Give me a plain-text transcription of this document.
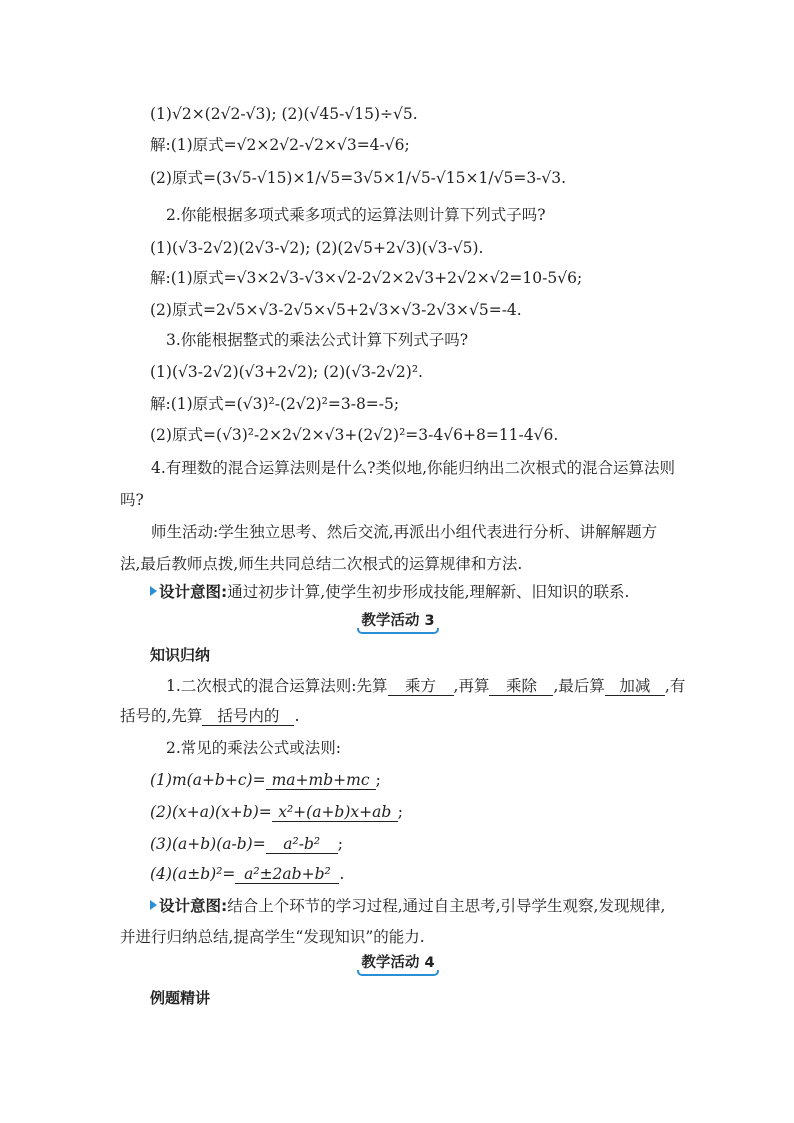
(1)√2×(2√2-√3); (2)(√45-√15)÷√5.
解:(1)原式=√2×2√2-√2×√3=4-√6;
(2)原式=(3√5-√15)×1/√5=3√5×1/√5-√15×1/√5=3-√3.
2.你能根据多项式乘多项式的运算法则计算下列式子吗?
(1)(√3-2√2)(2√3-√2); (2)(2√5+2√3)(√3-√5).
解:(1)原式=√3×2√3-√3×√2-2√2×2√3+2√2×√2=10-5√6;
(2)原式=2√5×√3-2√5×√5+2√3×√3-2√3×√5=-4.
3.你能根据整式的乘法公式计算下列式子吗?
(1)(√3-2√2)(√3+2√2); (2)(√3-2√2)².
解:(1)原式=(√3)²-(2√2)²=3-8=-5;
(2)原式=(√3)²-2×2√2×√3+(2√2)²=3-4√6+8=11-4√6.
4.有理数的混合运算法则是什么?类似地,你能归纳出二次根式的混合运算法则吗?
师生活动:学生独立思考、然后交流,再派出小组代表进行分析、讲解解题方法,最后教师点拨,师生共同总结二次根式的运算规律和方法.
设计意图:通过初步计算,使学生初步形成技能,理解新、旧知识的联系.
教学活动 3
知识归纳
1.二次根式的混合运算法则:先算 乘方 ,再算 乘除 ,最后算 加减 ,有
括号的,先算 括号内的 .
2.常见的乘法公式或法则:
(1)m(a+b+c)= ma+mb+mc ;
(2)(x+a)(x+b)= x²+(a+b)x+ab ;
(3)(a+b)(a-b)= a²-b² ;
(4)(a±b)²= a²±2ab+b² .
设计意图:结合上个环节的学习过程,通过自主思考,引导学生观察,发现规律,
并进行归纳总结,提高学生“发现知识”的能力.
教学活动 4
例题精讲
